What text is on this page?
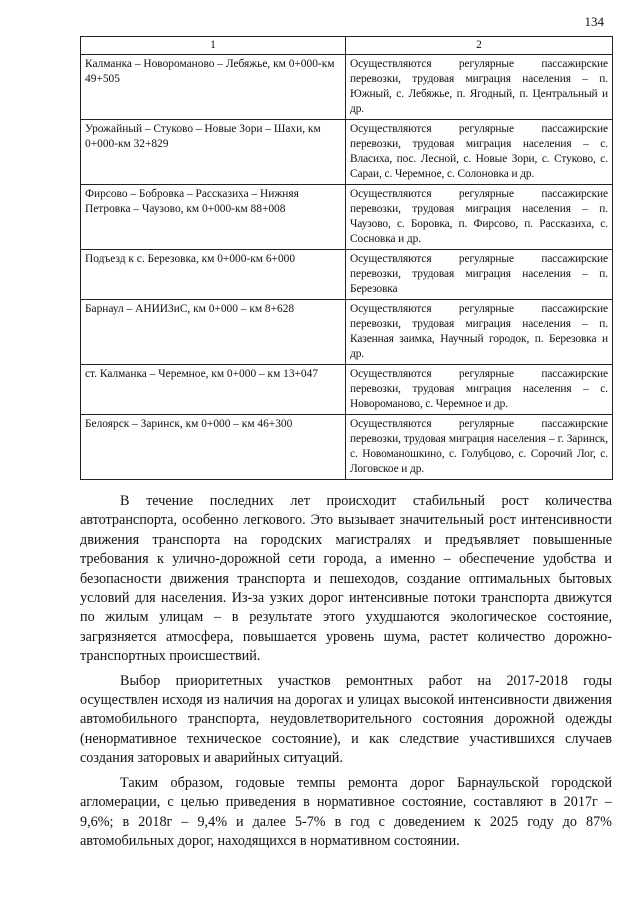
134
1	2
Калманка – Новороманово – Лебяжье, км 0+000-км 49+505	Осуществляются регулярные пассажирские перевозки, трудовая миграция населения – п. Южный, с. Лебяжье, п. Ягодный, п. Центральный и др.
Урожайный – Стуково – Новые Зори – Шахи, км 0+000-км 32+829	Осуществляются регулярные пассажирские перевозки, трудовая миграция населения – с. Власиха, пос. Лесной, с. Новые Зори, с. Стуково, с. Сараи, с. Черемное, с. Солоновка и др.
Фирсово – Бобровка – Рассказиха – Нижняя Петровка – Чаузово, км 0+000-км 88+008	Осуществляются регулярные пассажирские перевозки, трудовая миграция населения – п. Чаузово, с. Боровка, п. Фирсово, п. Рассказиха, с. Сосновка и др.
Подъезд к с. Березовка, км 0+000-км 6+000	Осуществляются регулярные пассажирские перевозки, трудовая миграция населения – п. Березовка
Барнаул – АНИИЗиС, км 0+000 – км 8+628	Осуществляются регулярные пассажирские перевозки, трудовая миграция населения – п. Казенная заимка, Научный городок, п. Березовка и др.
ст. Калманка – Черемное, км 0+000 – км 13+047	Осуществляются регулярные пассажирские перевозки, трудовая миграция населения – с. Новороманово, с. Черемное и др.
Белоярск – Заринск, км 0+000 – км 46+300	Осуществляются регулярные пассажирские перевозки, трудовая миграция населения – г. Заринск, с. Новоманошкино, с. Голубцово, с. Сорочий Лог, с. Логовское и др.

В течение последних лет происходит стабильный рост количества автотранспорта, особенно легкового. Это вызывает значительный рост интенсивности движения транспорта на городских магистралях и предъявляет повышенные требования к улично-дорожной сети города, а именно – обеспечение удобства и безопасности движения транспорта и пешеходов, создание оптимальных бытовых условий для населения. Из-за узких дорог интенсивные потоки транспорта движутся по жилым улицам – в результате этого ухудшаются экологическое состояние, загрязняется атмосфера, повышается уровень шума, растет количество дорожно-транспортных происшествий.

Выбор приоритетных участков ремонтных работ на 2017-2018 годы осуществлен исходя из наличия на дорогах и улицах высокой интенсивности движения автомобильного транспорта, неудовлетворительного состояния дорожной одежды (ненормативное техническое состояние), и как следствие участившихся случаев создания заторовых и аварийных ситуаций.

Таким образом, годовые темпы ремонта дорог Барнаульской городской агломерации, с целью приведения в нормативное состояние, составляют в 2017г – 9,6%; в 2018г – 9,4% и далее 5-7% в год с доведением к 2025 году до 87% автомобильных дорог, находящихся в нормативном состоянии.
